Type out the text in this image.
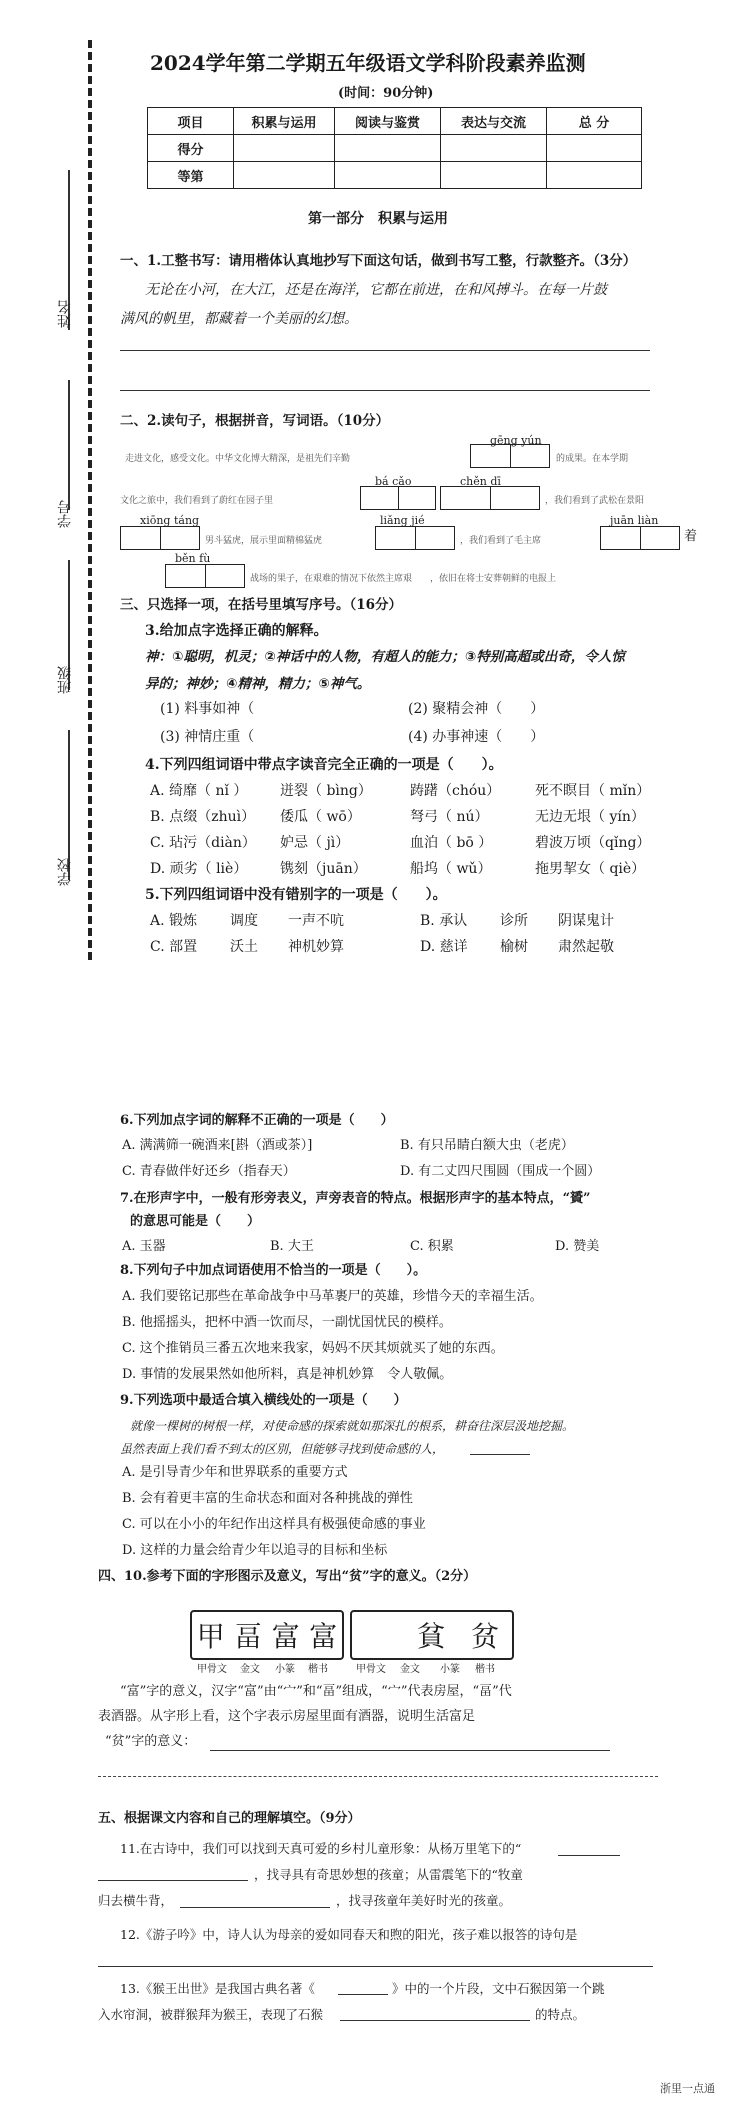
姓名
学号
班级
学校
2024学年第二学期五年级语文学科阶段素养监测
(时间：90分钟)
项目	积累与运用	阅读与鉴赏	表达与交流	总 分
得分				
等第				
第一部分　积累与运用
一、1.工整书写：请用楷体认真地抄写下面这句话，做到书写工整，行款整齐。（3分）
无论在小河，在大江，还是在海洋，它都在前进，在和风搏斗。在每一片鼓
满风的帆里，都藏着一个美丽的幻想。
二、2.读句子，根据拼音，写词语。（10分）
gēng yún
走进文化，感受文化。中华文化博大精深，是祖先们辛勤	的成果。在本学期
bá cǎo	chěn dī
文化之旅中，我们看到了蔚红在园子里	，我们看到了武松在景阳
xiōng táng	liǎng jié	juān liàn
男斗猛虎，展示里面精棉猛虎	，我们看到了毛主席	着
běn fù
战场的果子，在艰难的情况下依然主席艰 ，依旧在将士安葬朝鲜的电报上
三、只选择一项，在括号里填写序号。（16分）
3.给加点字选择正确的解释。
神：①聪明，机灵；②神话中的人物，有超人的能力；③特别高超或出奇，令人惊
异的；神妙；④精神，精力；⑤神气。
(1) 料事如神（	(2) 聚精会神（　　）
(3) 神情庄重（	(4) 办事神速（　　）
4.下列四组词语中带点字读音完全正确的一项是（　　）。
A. 绮靡（ nǐ ） 迸裂（ bìng）	踌躇（chóu） 死不瞑目（ mǐn）
B. 点缀（zhuì） 倭瓜（ wō）	弩弓（ nú）	无边无垠（ yín）
C. 玷污（diàn） 妒忌（ jì）	血泊（ bō ）	碧波万顷（qǐng）
D. 顽劣（ liè） 镌刻（juān）	船坞（ wǔ）	拖男挈女（ qiè）
5.下列四组词语中没有错别字的一项是（　　）。
A. 锻炼 调度 一声不吭	B. 承认 诊所 阴谋鬼计
C. 部置 沃土 神机妙算	D. 慈详 榆树 肃然起敬
6.下列加点字词的解释不正确的一项是（　　）
A. 满满筛一碗酒来[斟（酒或茶）]	B. 有只吊睛白额大虫（老虎）
C. 青春做伴好还乡（指春天）	D. 有二丈四尺围圆（围成一个圆）
7.在形声字中，一般有形旁表义，声旁表音的特点。根据形声字的基本特点，“贇”
的意思可能是（　　）
A. 玉器	B. 大王	C. 积累	D. 赞美
8.下列句子中加点词语使用不恰当的一项是（　　）。
A. 我们要铭记那些在革命战争中马革裹尸的英雄，珍惜今天的幸福生活。
B. 他摇摇头，把杯中酒一饮而尽，一副忧国忧民的模样。
C. 这个推销员三番五次地来我家，妈妈不厌其烦就买了她的东西。
D. 事情的发展果然如他所料，真是神机妙算　令人敬佩。
9.下列选项中最适合填入横线处的一项是（　　）
就像一棵树的树根一样，对使命感的探索就如那深扎的根系，耕奋往深层汲地挖掘。
虽然表面上我们看不到太的区别，但能够寻找到使命感的人，
A. 是引导青少年和世界联系的重要方式
B. 会有着更丰富的生命状态和面对各种挑战的弹性
C. 可以在小小的年纪作出这样具有极强使命感的事业
D. 这样的力量会给青少年以追寻的目标和坐标
四、10.参考下面的字形图示及意义，写出“贫”字的意义。（2分）
甲 畐 富 富	貧 贫
甲骨文 金文 小篆 楷书	甲骨文 金文 小篆 楷书
“富”字的意义，汉字“富”由“宀”和“畐”组成，“宀”代表房屋，“畐”代
表酒器。从字形上看，这个字表示房屋里面有酒器，说明生活富足
“贫”字的意义：
五、根据课文内容和自己的理解填空。（9分）
11.在古诗中，我们可以找到天真可爱的乡村儿童形象：从杨万里笔下的“
，找寻具有奇思妙想的孩童；从雷震笔下的“牧童
归去横牛背，	，找寻孩童年美好时光的孩童。
12.《游子吟》中，诗人认为母亲的爱如同春天和煦的阳光，孩子难以报答的诗句是
13.《猴王出世》是我国古典名著《	》中的一个片段，文中石猴因第一个跳
入水帘洞，被群猴拜为猴王，表现了石猴	的特点。
浙里一点通
